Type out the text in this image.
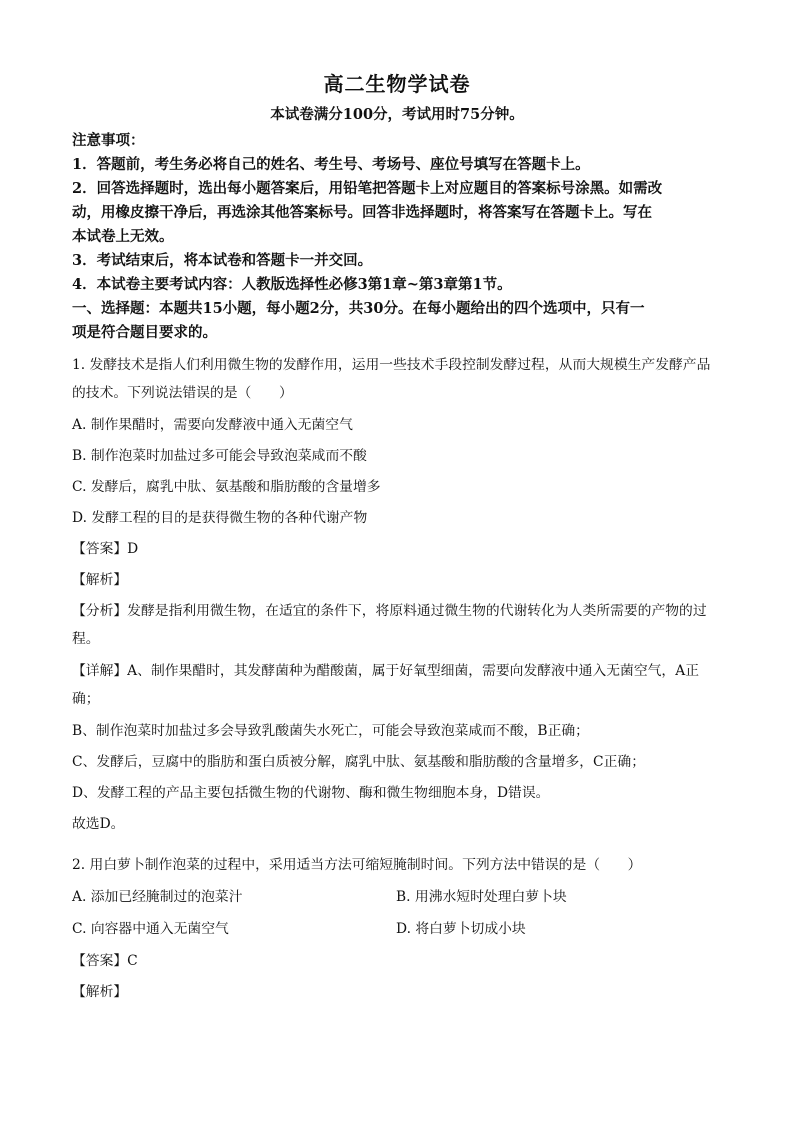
高二生物学试卷
本试卷满分100分，考试用时75分钟。
注意事项：
1．答题前，考生务必将自己的姓名、考生号、考场号、座位号填写在答题卡上。
2．回答选择题时，选出每小题答案后，用铅笔把答题卡上对应题目的答案标号涂黑。如需改
动，用橡皮擦干净后，再选涂其他答案标号。回答非选择题时，将答案写在答题卡上。写在
本试卷上无效。
3．考试结束后，将本试卷和答题卡一并交回。
4．本试卷主要考试内容：人教版选择性必修3第1章~第3章第1节。
一、选择题：本题共15小题，每小题2分，共30分。在每小题给出的四个选项中，只有一
项是符合题目要求的。
1. 发酵技术是指人们利用微生物的发酵作用，运用一些技术手段控制发酵过程，从而大规模生产发酵产品
的技术。下列说法错误的是（　　）
A. 制作果醋时，需要向发酵液中通入无菌空气
B. 制作泡菜时加盐过多可能会导致泡菜咸而不酸
C. 发酵后，腐乳中肽、氨基酸和脂肪酸的含量增多
D. 发酵工程的目的是获得微生物的各种代谢产物
【答案】D
【解析】
【分析】发酵是指利用微生物，在适宜的条件下，将原料通过微生物的代谢转化为人类所需要的产物的过
程。
【详解】A、制作果醋时，其发酵菌种为醋酸菌，属于好氧型细菌，需要向发酵液中通入无菌空气，A正
确；
B、制作泡菜时加盐过多会导致乳酸菌失水死亡，可能会导致泡菜咸而不酸，B正确；
C、发酵后，豆腐中的脂肪和蛋白质被分解，腐乳中肽、氨基酸和脂肪酸的含量增多，C正确；
D、发酵工程的产品主要包括微生物的代谢物、酶和微生物细胞本身，D错误。
故选D。
2. 用白萝卜制作泡菜的过程中，采用适当方法可缩短腌制时间。下列方法中错误的是（　　）
A. 添加已经腌制过的泡菜汁	B. 用沸水短时处理白萝卜块
C. 向容器中通入无菌空气	D. 将白萝卜切成小块
【答案】C
【解析】
